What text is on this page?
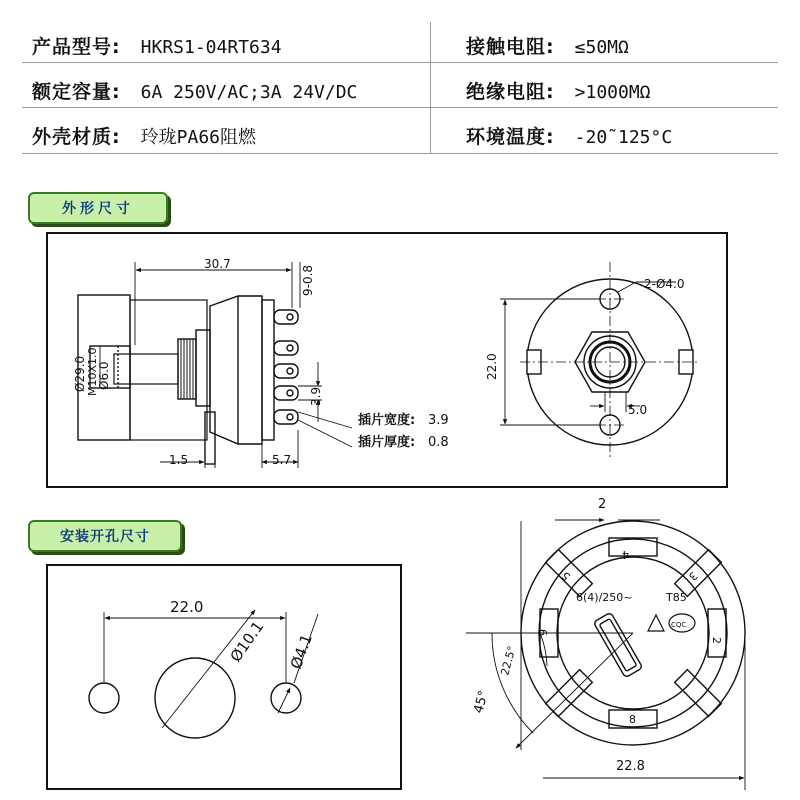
产品型号: HKRS1-04RT634
额定容量: 6A 250V/AC;3A 24V/DC
外壳材质: 玲珑PA66阻燃
接触电阻: ≤50MΩ
绝缘电阻: >1000MΩ
环境温度: -20˜125°C
外形尺寸
安装开孔尺寸
30.7
9-0.8
Ø29.0 M10X1.0
Ø6.0
3.9
1.5	5.7
插片宽度: 3.9
插片厚度: 0.8
2-Ø4.0
22.0
5.0
22.0
Ø10.1 Ø4.1
2
6(4)/250~	T85
CQC
22.5°
45°
22.8
4
5	3
9
2
8
